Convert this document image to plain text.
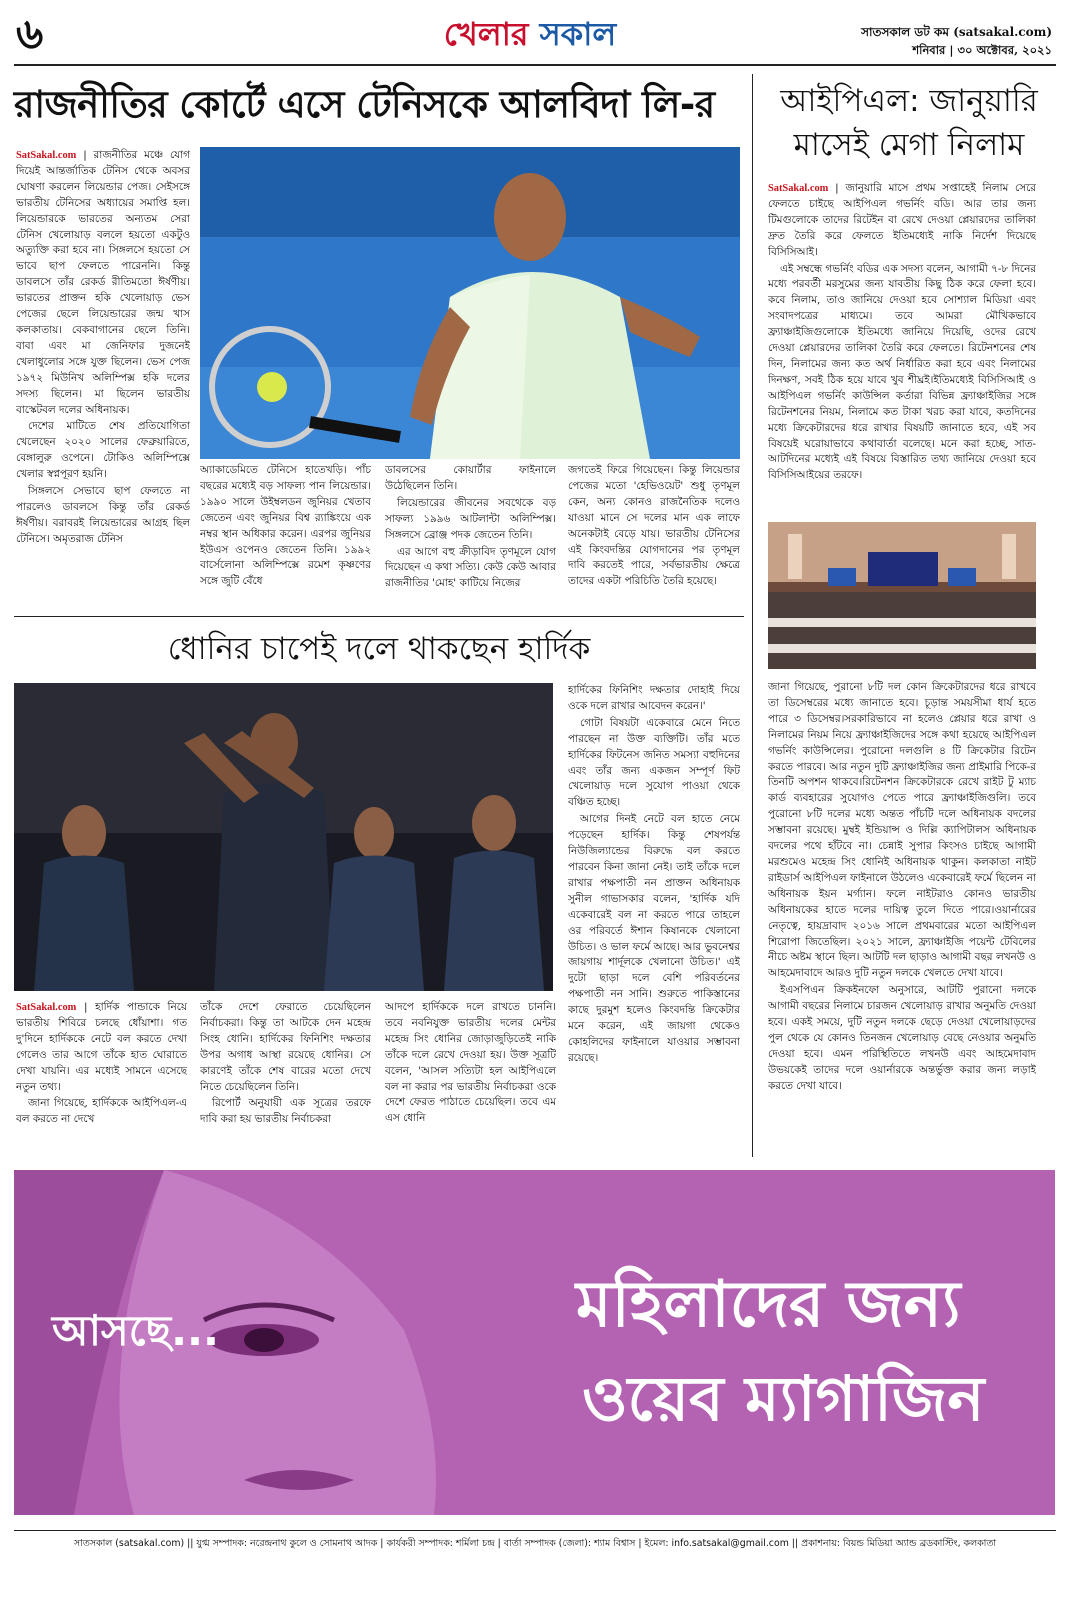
৬	খেলার সকাল	সাতসকাল ডট কম (satsakal.com)
শনিবার | ৩০ অক্টোবর, ২০২১
রাজনীতির কোর্টে এসে টেনিসকে আলবিদা লি-র

SatSakal.com | রাজনীতির মঞ্চে যোগ দিয়েই আন্তর্জাতিক টেনিস থেকে অবসর ঘোষণা করলেন লিয়েন্ডার পেজ। সেইসঙ্গে ভারতীয় টেনিসের অধ্যায়ের সমাপ্তি হল।লিয়েন্ডারকে ভারতের অন্যতম সেরা টেনিস খেলোয়াড় বললে হয়তো একটুও অত্যুক্তি করা হবে না। সিঙ্গলসে হয়তো সে ভাবে ছাপ ফেলতে পারেননি। কিন্তু ডাবলসে তাঁর রেকর্ড রীতিমতো ঈর্ষণীয়। ভারতের প্রাক্তন হকি খেলোয়াড় ভেস পেজের ছেলে লিয়েন্ডারের জন্ম খাস কলকাতায়। বেকবাগানের ছেলে তিনি। বাবা এবং মা জেনিফার দুজনেই খেলাধুলোর সঙ্গে যুক্ত ছিলেন। ভেস পেজ ১৯৭২ মিউনিখ অলিম্পিক্স হকি দলের সদস্য ছিলেন। মা ছিলেন ভারতীয় বাস্কেটবল দলের অধিনায়ক।

দেশের মাটিতে শেষ প্রতিযোগিতা খেলেছেন ২০২০ সালের ফেব্রুয়ারিতে, বেঙ্গালুরু ওপেনে। টোকিও অলিম্পিক্সে খেলার স্বপ্নপূরণ হয়নি।

সিঙ্গলসে সেভাবে ছাপ ফেলতে না পারলেও ডাবলসে কিন্তু তাঁর রেকর্ড ঈর্ষণীয়। বরাবরই লিয়েন্ডারের আগ্রহ ছিল টেনিসে। অমৃতরাজ টেনিস

অ্যাকাডেমিতে টেনিসে হাতেখড়ি। পাঁচ বছরের মধ্যেই বড় সাফল্য পান লিয়েন্ডার। ১৯৯০ সালে উইম্বলডন জুনিয়র খেতাব জেতেন এবং জুনিয়র বিশ্ব র‍্যাঙ্কিংয়ে এক নম্বর স্থান অধিকার করেন। এরপর জুনিয়র ইউএস ওপেনও জেতেন তিনি। ১৯৯২ বার্সেলোনা অলিম্পিক্সে রমেশ কৃষ্ণণের সঙ্গে জুটি বেঁধে

ডাবলসের কোয়ার্টার ফাইনালে উঠেছিলেন তিনি।

লিয়েন্ডারের জীবনের সবথেকে বড় সাফল্য ১৯৯৬ আটলান্টা অলিম্পিক্স। সিঙ্গলসে ব্রোঞ্জ পদক জেতেন তিনি।

এর আগে বহু ক্রীড়াবিদ তৃণমূলে যোগ দিয়েছেন এ কথা সত্যি। কেউ কেউ আবার রাজনীতির 'মোহ' কাটিয়ে নিজের

জগতেই ফিরে গিয়েছেন। কিন্তু লিয়েন্ডার পেজের মতো 'হেভিওয়েট' শুধু তৃণমূল কেন, অন্য কোনও রাজনৈতিক দলেও যাওয়া মানে সে দলের মান এক লাফে অনেকটাই বেড়ে যায়। ভারতীয় টেনিসের এই কিংবদন্তির যোগদানের পর তৃণমূল দাবি করতেই পারে, সর্বভারতীয় ক্ষেত্রে তাদের একটা পরিচিতি তৈরি হয়েছে।

আইপিএল: জানুয়ারি
মাসেই মেগা নিলাম

SatSakal.com | জানুয়ারি মাসে প্রথম সপ্তাহেই নিলাম সেরে ফেলতে চাইছে আইপিএল গভর্নিং বডি। আর তার জন্য টিমগুলোকে তাদের রিটেইন বা রেখে দেওয়া প্লেয়ারদের তালিকা দ্রুত তৈরি করে ফেলতে ইতিমধ্যেই নাকি নির্দেশ দিয়েছে বিসিসিআই।

এই সম্বন্ধে গভর্নিং বডির এক সদস্য বলেন, আগামী ৭-৮ দিনের মধ্যে পরবর্তী মরসুমের জন্য যাবতীয় কিছু ঠিক করে ফেলা হবে। কবে নিলাম, তাও জানিয়ে দেওয়া হবে সোশ্যাল মিডিয়া এবং সংবাদপত্রের মাধ্যমে। তবে আমরা মৌখিকভাবে ফ্র্যাঞ্চাইজিগুলোকে ইতিমধ্যে জানিয়ে দিয়েছি, ওদের রেখে দেওয়া প্লেয়ারদের তালিকা তৈরি করে ফেলতে। রিটেনশনের শেষ দিন, নিলামের জন্য কত অর্থ নির্ধারিত করা হবে এবং নিলামের দিনক্ষণ, সবই ঠিক হয়ে যাবে খুব শীঘ্রই।ইতিমধ্যেই বিসিসিআই ও আইপিএল গভর্নিং কাউন্সিল কর্তারা বিভিন্ন ফ্র্যাঞ্চাইজির সঙ্গে রিটেনশনের নিয়ম, নিলামে কত টাকা খরচ করা যাবে, কতদিনের মধ্যে ক্রিকেটারদের ধরে রাখার বিষয়টি জানাতে হবে, এই সব বিষয়েই ঘরোয়াভাবে কথাবার্তা বলেছে। মনে করা হচ্ছে, সাত-আটদিনের মধ্যেই এই বিষয়ে বিস্তারিত তথ্য জানিয়ে দেওয়া হবে বিসিসিআইয়ের তরফে।

জানা গিয়েছে, পুরানো ৮টি দল কোন ক্রিকেটারদের ধরে রাখবে তা ডিসেম্বরের মধ্যে জানাতে হবে। চূড়ান্ত সময়সীমা ধার্য হতে পারে ৩ ডিসেম্বর।সরকারিভাবে না হলেও প্লেয়ার ধরে রাখা ও নিলামের নিয়ম নিয়ে ফ্র্যাঞ্চাইজিদের সঙ্গে কথা হয়েছে আইপিএল গভর্নিং কাউন্সিলের। পুরোনো দলগুলি ৪ টি ক্রিকেটার রিটেন করতে পারবে। আর নতুন দুটি ফ্র্যাঞ্চাইজির জন্য প্রাইমারি পিকে-র তিনটি অপশন থাকবে।রিটেনশন ক্রিকেটারকে রেখে রাইট টু ম্যাচ কার্ড ব্যবহারের সুযোগও পেতে পারে ফ্র্যাঞ্চাইজিগুলি। তবে পুরোনো ৮টি দলের মধ্যে অন্তত পাঁচটি দলে অধিনায়ক বদলের সম্ভাবনা রয়েছে। মুম্বই ইন্ডিয়ান্স ও দিল্লি ক্যাপিটালস অধিনায়ক বদলের পথে হাঁটবে না। চেন্নাই সুপার কিংসও চাইছে আগামী মরশুমেও মহেন্দ্র সিং ধোনিই অধিনায়ক থাকুন। কলকাতা নাইট রাইডার্স আইপিএল ফাইনালে উঠলেও একেবারেই ফর্মে ছিলেন না অধিনায়ক ইয়ন মর্গ্যান। ফলে নাইটরাও কোনও ভারতীয় অধিনায়কের হাতে দলের দায়িত্ব তুলে দিতে পারে।ওয়ার্নারের নেতৃত্বে, হায়দ্রাবাদ ২০১৬ সালে প্রথমবারের মতো আইপিএল শিরোপা জিতেছিল। ২০২১ সালে, ফ্র্যাঞ্চাইজি পয়েন্ট টেবিলের নীচে অষ্টম স্থানে ছিল। আটটি দল ছাড়াও আগামী বছর লখনউ ও আহমেদাবাদে আরও দুটি নতুন দলকে খেলতে দেখা যাবে।

ইএসপিএন ক্রিকইনফো অনুসারে, আটটি পুরানো দলকে আগামী বছরের নিলামে চারজন খেলোয়াড় রাখার অনুমতি দেওয়া হবে। একই সময়ে, দুটি নতুন দলকে ছেড়ে দেওয়া খেলোয়াড়দের পুল থেকে যে কোনও তিনজন খেলোয়াড় বেছে নেওয়ার অনুমতি দেওয়া হবে। এমন পরিস্থিতিতে লখনউ এবং আহমেদাবাদ উভয়কেই তাদের দলে ওয়ার্নারকে অন্তর্ভুক্ত করার জন্য লড়াই করতে দেখা যাবে।

ধোনির চাপেই দলে থাকছেন হার্দিক

হার্দিকের ফিনিশিং দক্ষতার দোহাই দিয়ে ওকে দলে রাখার আবেদন করেন।'

গোটা বিষয়টা একেবারে মেনে নিতে পারছেন না উক্ত ব্যক্তিটি। তাঁর মতে হার্দিকের ফিটনেস জনিত সমস্যা বহুদিনের এবং তাঁর জন্য একজন সম্পূর্ণ ফিট খেলোয়াড় দলে সুযোগ পাওয়া থেকে বঞ্চিত হচ্ছে।

আগের দিনই নেটে বল হাতে নেমে পড়েছেন হার্দিক। কিন্তু শেষপর্যন্ত নিউজিল্যান্ডের বিরুদ্ধে বল করতে পারবেন কিনা জানা নেই। তাই তাঁকে দলে রাখার পক্ষপাতী নন প্রাক্তন অধিনায়ক সুনীল গাভাসকার বলেন, 'হার্দিক যদি একেবারেই বল না করতে পারে তাহলে ওর পরিবর্তে ঈশান কিষানকে খেলানো উচিত। ও ভাল ফর্মে আছে। আর ভুবনেশ্বর জায়গায় শার্দূলকে খেলানো উচিত।' এই দুটো ছাড়া দলে বেশি পরিবর্তনের পক্ষপাতী নন সানি। শুরুতে পাকিস্তানের কাছে দুরমুশ হলেও কিংবদন্তি ক্রিকেটার মনে করেন, এই জায়গা থেকেও কোহলিদের ফাইনালে যাওয়ার সম্ভাবনা রয়েছে।

SatSakal.com | হার্দিক পান্ডাকে নিয়ে ভারতীয় শিবিরে চলছে ধোঁয়াশা। গত দু'দিনে হার্দিককে নেটে বল করতে দেখা গেলেও তার আগে তাঁকে হাত ঘোরাতে দেখা যায়নি। এর মধ্যেই সামনে এসেছে নতুন তথ্য।

জানা গিয়েছে, হার্দিককে আইপিএল-এ বল করতে না দেখে

তাঁকে দেশে ফেরাতে চেয়েছিলেন নির্বাচকরা। কিন্তু তা আটকে দেন মহেন্দ্র সিংহ ধোনি। হার্দিকের ফিনিশিং দক্ষতার উপর অগাধ আস্থা রয়েছে ধোনির। সে কারণেই তাঁকে শেষ বারের মতো দেখে নিতে চেয়েছিলেন তিনি।

রিপোর্ট অনুযায়ী এক সূত্রের তরফে দাবি করা হয় ভারতীয় নির্বাচকরা

আদপে হার্দিককে দলে রাখতে চাননি। তবে নবনিযুক্ত ভারতীয় দলের মেন্টর মহেন্দ্র সিং ধোনির জোড়াজুড়িতেই নাকি তাঁকে দলে রেখে দেওয়া হয়। উক্ত সূত্রটি বলেন, 'আসল সত্যিটা হল আইপিএলে বল না করার পর ভারতীয় নির্বাচকরা ওকে দেশে ফেরত পাঠাতে চেয়েছিল। তবে এম এস ধোনি

আসছে...	মহিলাদের জন্য
ওয়েব ম্যাগাজিন
সাতসকাল (satsakal.com) || যুগ্ম সম্পাদক: নরেন্দ্রনাথ কুলে ও সোমনাথ আদক | কার্যকরী সম্পাদক: শর্মিলা চন্দ্র | বার্তা সম্পাদক (জেলা): শ্যাম বিশ্বাস | ইমেল: info.satsakal@gmail.com || প্রকাশনায়: বিয়ন্ড মিডিয়া অ্যান্ড ব্রডকাস্টিং, কলকাতা
